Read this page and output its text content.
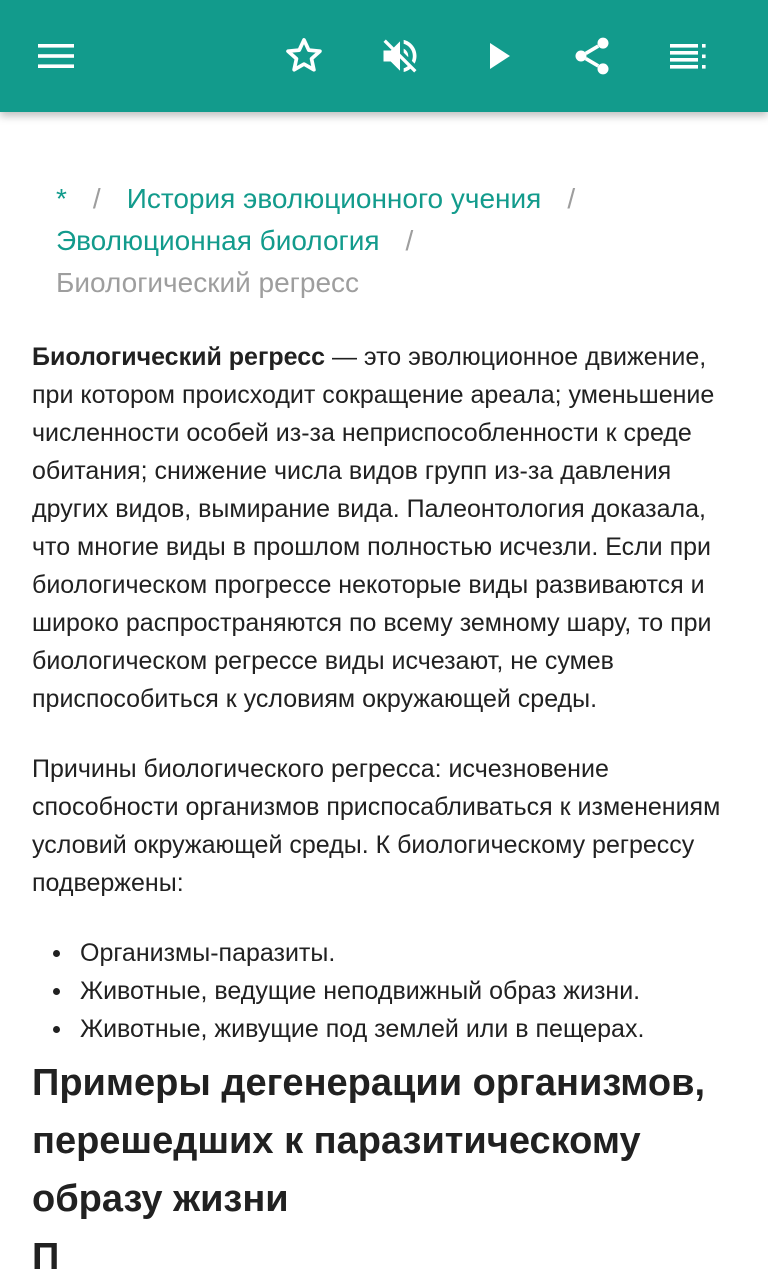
* / История эволюционного учения /
Эволюционная биология /
Биологический регресс

Биологический регресс — это эволюционное движение, при котором происходит сокращение ареала; уменьшение численности особей из-за неприспособленности к среде обитания; снижение числа видов групп из-за давления других видов, вымирание вида. Палеонтология доказала, что многие виды в прошлом полностью исчезли. Если при биологическом прогрессе некоторые виды развиваются и широко распространяются по всему земному шару, то при биологическом регрессе виды исчезают, не сумев приспособиться к условиям окружающей среды.

Причины биологического регресса: исчезновение способности организмов приспосабливаться к изменениям условий окружающей среды. К биологическому регрессу подвержены:

Организмы-паразиты.
Животные, ведущие неподвижный образ жизни.
Животные, живущие под землей или в пещерах.
Примеры дегенерации организмов, перешедших к паразитическому образу жизни
П
